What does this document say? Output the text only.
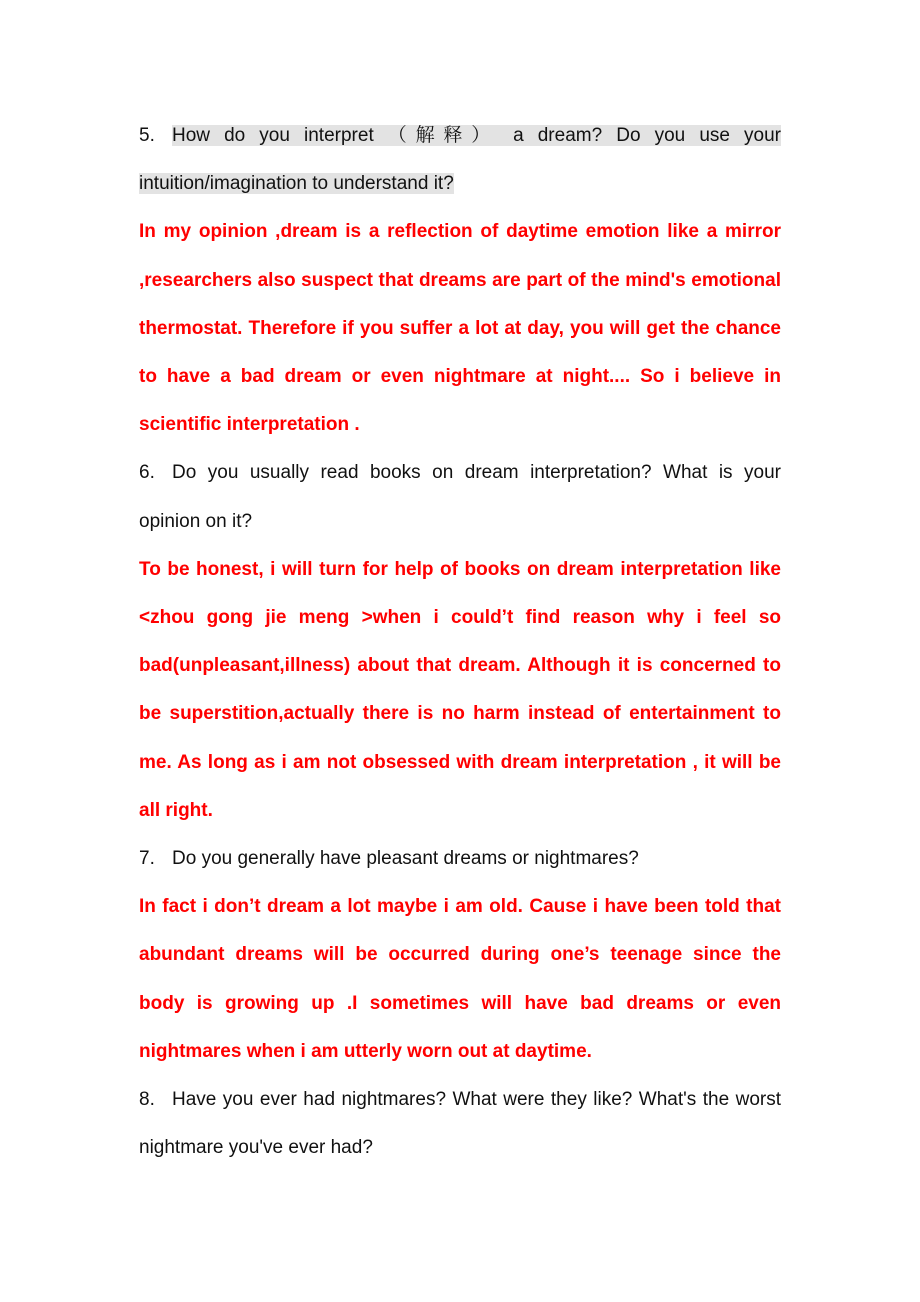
5. How do you interpret （解释） a dream? Do you use your intuition/imagination to understand it?

In my opinion ,dream is a reflection of daytime emotion like a mirror ,researchers also suspect that dreams are part of the mind's emotional thermostat. Therefore if you suffer a lot at day, you will get the chance to have a bad dream or even nightmare at night.... So i believe in scientific interpretation .

6. Do you usually read books on dream interpretation? What is your opinion on it?

To be honest, i will turn for help of books on dream interpretation like <zhou gong jie meng >when i could’t find reason why i feel so bad(unpleasant,illness) about that dream. Although it is concerned to be superstition,actually there is no harm instead of entertainment to me. As long as i am not obsessed with dream interpretation , it will be all right.

7. Do you generally have pleasant dreams or nightmares?

In fact i don’t dream a lot maybe i am old. Cause i have been told that abundant dreams will be occurred during one’s teenage since the body is growing up .I sometimes will have bad dreams or even nightmares when i am utterly worn out at daytime.

8. Have you ever had nightmares? What were they like? What's the worst nightmare you've ever had?
